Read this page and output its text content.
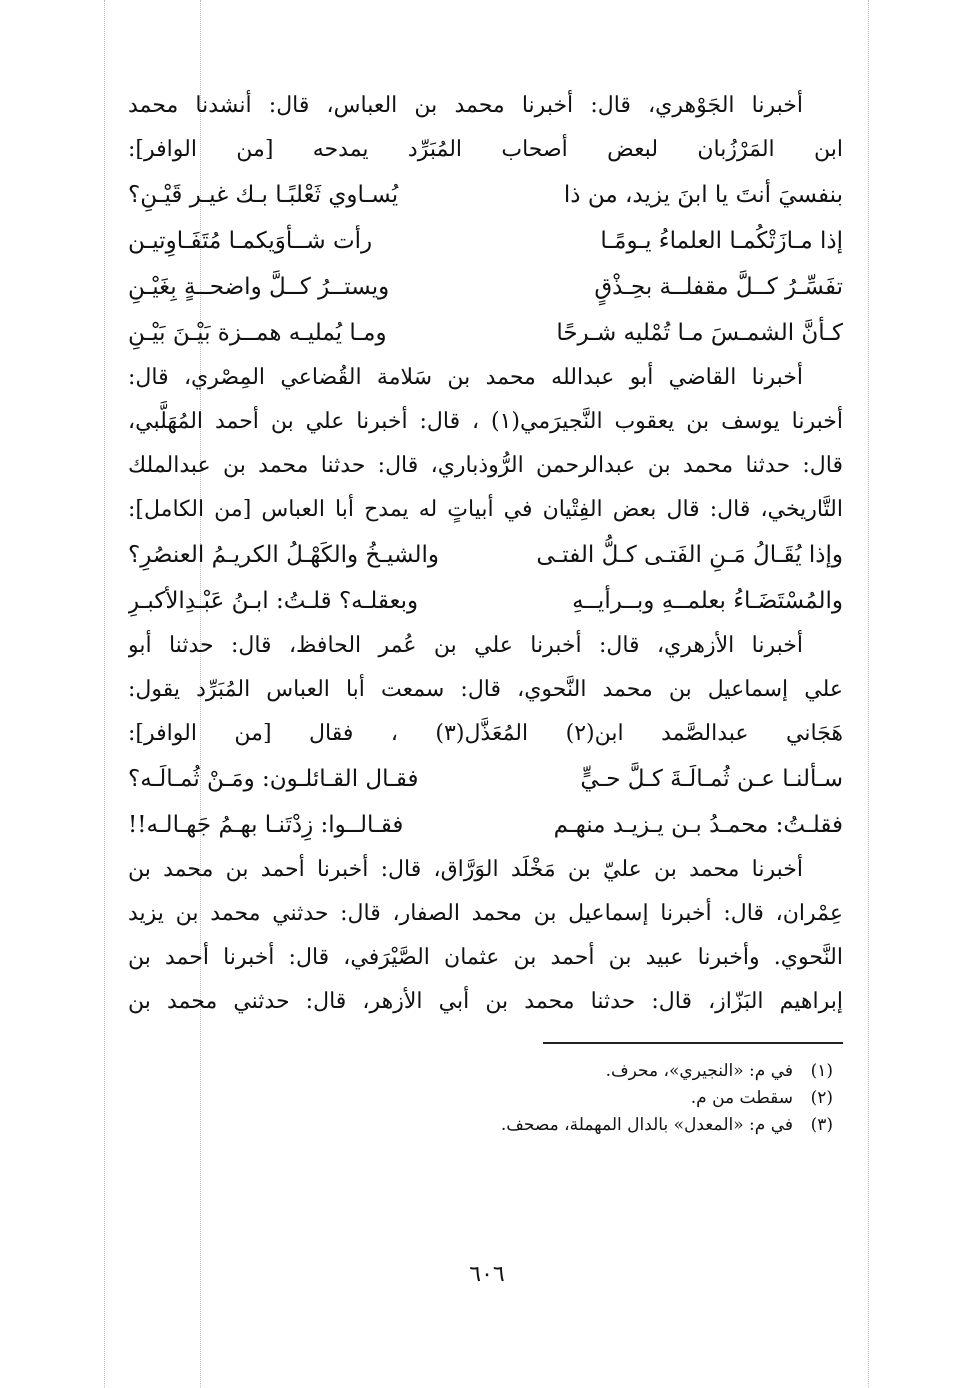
أخبرنا الجَوْهري، قال: أخبرنا محمد بن العباس، قال: أنشدنا محمد
ابن المَرْزُبان لبعض أصحاب المُبَرِّد يمدحه [من الوافر]:
بنفسيَ أنتَ يا ابنَ يزيد، من ذا
يُسـاوي ثَعْلبًـا بـك غيـر قَيْـنِ؟
إذا مـازَتْكُمـا العلماءُ يـومًـا
رأت شــأوَيكمـا مُتَفَـاوِتيـن
تفَسِّـرُ كــلَّ مقفلــة بحِـذْقٍ
ويستــرُ كــلَّ واضحــةٍ بِغَيْـنِ
كـأنَّ الشمـسَ مـا تُمْليه شـرحًا
ومـا يُمليـه همــزة بَيْـنَ بَيْـنِ
أخبرنا القاضي أبو عبدالله محمد بن سَلامة القُضاعي المِصْري، قال:
أخبرنا يوسف بن يعقوب النَّجيرَمي(١) ، قال: أخبرنا علي بن أحمد المُهَلَّبي،
قال: حدثنا محمد بن عبدالرحمن الرُّوذباري، قال: حدثنا محمد بن عبدالملك
التَّاريخي، قال: قال بعض الفِتْيان في أبياتٍ له يمدح أبا العباس [من الكامل]:
وإذا يُقَـالُ مَـنِ الفَتـى كـلُّ الفتـى
والشيـخُ والكَهْـلُ الكريـمُ العنصُرِ؟
والمُسْتَضَـاءُ بعلمــهِ وبــرأيــهِ
وبعقلـه؟ قلـتُ: ابـنُ عَبْـدِالأكبـرِ
أخبرنا الأزهري، قال: أخبرنا علي بن عُمر الحافظ، قال: حدثنا أبو
علي إسماعيل بن محمد النَّحوي، قال: سمعت أبا العباس المُبَرِّد يقول:
هَجَاني عبدالصَّمد ابن(٢) المُعَذَّل(٣) ، فقال [من الوافر]:
سـألنـا عـن ثُمـالَـةَ كـلَّ حـيٍّ
فقـال القـائلـون: ومَـنْ ثُمـالَـه؟
فقلـتُ: محمـدُ بـن يـزيـد منهـم
فقـالــوا: زِدْتَنـا بهـمُ جَهـالـه!!
أخبرنا محمد بن عليّ بن مَخْلَد الوَرَّاق، قال: أخبرنا أحمد بن محمد بن
عِمْران، قال: أخبرنا إسماعيل بن محمد الصفار، قال: حدثني محمد بن يزيد
النَّحوي. وأخبرنا عبيد بن أحمد بن عثمان الصَّيْرَفي، قال: أخبرنا أحمد بن
إبراهيم البَزّاز، قال: حدثنا محمد بن أبي الأزهر، قال: حدثني محمد بن
(١)في م: «النجيري»، محرف.
(٢)سقطت من م.
(٣)في م: «المعدل» بالدال المهملة، مصحف.
٦٠٦
